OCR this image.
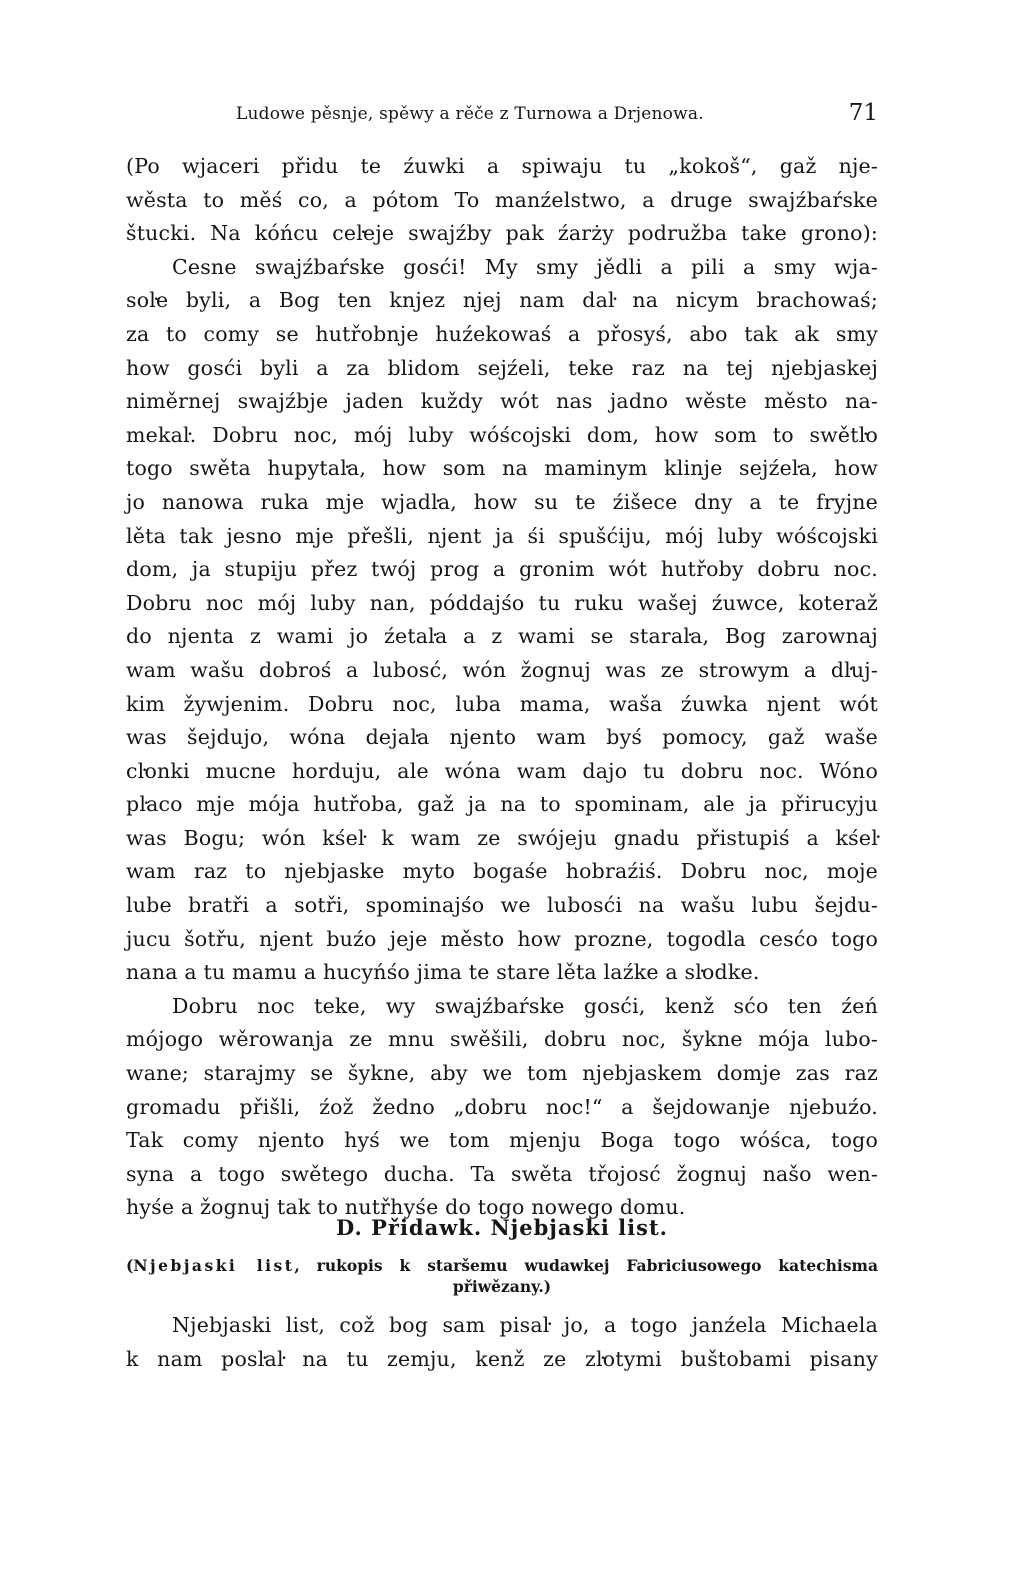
Ludowe pěsnje, spěwy a rěče z Turnowa a Drjenowa.	71
(Po wjaceri přidu te źuwki a spiwaju tu „kokoš“, gaž nje-
wěsta to měś co, a pótom To manźelstwo, a druge swajźbaŕske
štucki. Na kóńcu ceŀeje swajźby pak źarży podružba take grono):
Cesne swajźbaŕske gosći! My smy jědli a pili a smy wja-
soŀe byli, a Bog ten knjez njej nam daŀ na nicym brachowaś;
za to comy se hutřobnje huźekowaś a přosyś, abo tak ak smy
how gosći byli a za blidom sejźeli, teke raz na tej njebjaskej
niměrnej swajźbje jaden kuždy wót nas jadno wěste město na-
mekaŀ. Dobru noc, mój luby wóścojski dom, how som to swětŀo
togo swěta hupytaŀa, how som na maminym klinje sejźeŀa, how
jo nanowa ruka mje wjadŀa, how su te źišece dny a te fryjne
lěta tak jesno mje přešli, njent ja śi spušćiju, mój luby wóścojski
dom, ja stupiju přez twój prog a gronim wót hutřoby dobru noc.
Dobru noc mój luby nan, póddajśo tu ruku wašej źuwce, koteraž
do njenta z wami jo źetaŀa a z wami se staraŀa, Bog zarownaj
wam wašu dobroś a lubosć, wón žognuj was ze strowym a dŀuj-
kim žywjenim. Dobru noc, luba mama, waša źuwka njent wót
was šejdujo, wóna dejaŀa njento wam byś pomocy, gaž waše
cŀonki mucne horduju, ale wóna wam dajo tu dobru noc. Wóno
pŀaco mje mója hutřoba, gaž ja na to spominam, ale ja přirucyju
was Bogu; wón kśeŀ k wam ze swójeju gnadu přistupiś a kśeŀ
wam raz to njebjaske myto bogaśe hobraźiś. Dobru noc, moje
lube bratři a sotři, spominajśo we lubosći na wašu lubu šejdu-
jucu šotřu, njent buźo jeje město how prozne, togodla cesćo togo
nana a tu mamu a hucyńśo jima te stare lěta laźke a sŀodke.
Dobru noc teke, wy swajźbaŕske gosći, kenž sćo ten źeń
mójogo wěrowanja ze mnu swěšili, dobru noc, šykne mója lubo-
wane; starajmy se šykne, aby we tom njebjaskem domje zas raz
gromadu přišli, źož žedno „dobru noc!“ a šejdowanje njebuźo.
Tak comy njento hyś we tom mjenju Boga togo wóśca, togo
syna a togo swětego ducha. Ta swěta třojosć žognuj našo wen-
hyśe a žognuj tak to nutřhyśe do togo nowego domu.
D. Přidawk. Njebjaski list.
(Njebjaski list, rukopis k staršemu wudawkej Fabriciusowego katechisma
přiwězany.)
Njebjaski list, což bog sam pisaŀ jo, a togo janźela Michaela
k nam posŀaŀ na tu zemju, kenž ze zŀotymi buštobami pisany
